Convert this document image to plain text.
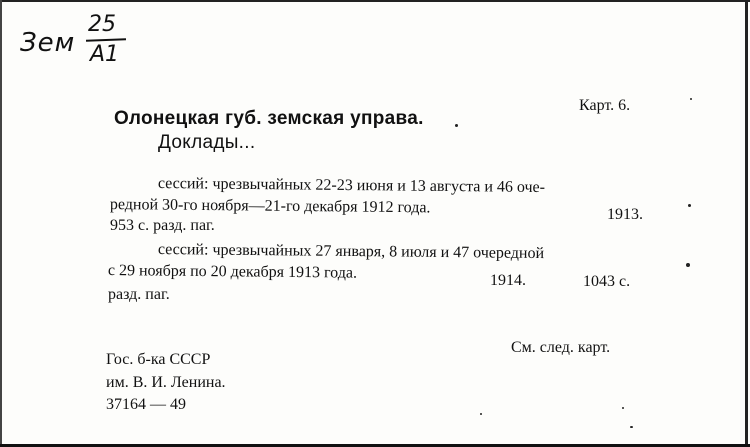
Зем
25
А1
Карт. 6.
Олонецкая губ. земская управа.
Доклады...
сессий: чрезвычайных 22-23 июня и 13 августа и 46 оче-
редной 30-го ноября—21-го декабря 1912 года.	1913.
953 с. разд. паг.
сессий: чрезвычайных 27 января, 8 июля и 47 очередной
с 29 ноября по 20 декабря 1913 года.	1914.	1043 с.
разд. паг.
См. след. карт.
Гос. б-ка СССР
им. В. И. Ленина.
37164 — 49
